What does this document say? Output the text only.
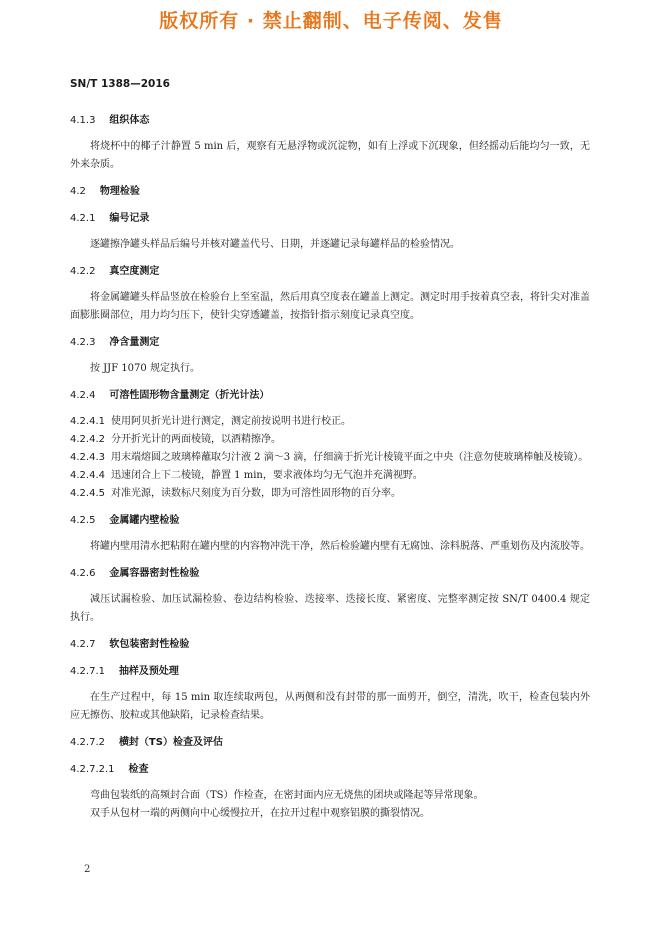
版权所有 · 禁止翻制、电子传阅、发售
SN/T 1388—2016

4.1.3 组织体态

将烧杯中的椰子汁静置 5 min 后，观察有无悬浮物或沉淀物，如有上浮或下沉现象，但经摇动后能均匀一致，无外来杂质。

4.2 物理检验

4.2.1 编号记录

逐罐擦净罐头样品后编号并核对罐盖代号、日期，并逐罐记录每罐样品的检验情况。

4.2.2 真空度测定

将金属罐罐头样品竖放在检验台上至室温，然后用真空度表在罐盖上测定。测定时用手按着真空表，将针尖对准盖面膨胀圈部位，用力均匀压下，使针尖穿透罐盖，按指针指示刻度记录真空度。

4.2.3 净含量测定

按 JJF 1070 规定执行。

4.2.4 可溶性固形物含量测定（折光计法）

4.2.4.1 使用阿贝折光计进行测定，测定前按说明书进行校正。

4.2.4.2 分开折光计的两面棱镜，以酒精擦净。

4.2.4.3 用末端熔圆之玻璃棒蘸取匀汁液 2 滴～3 滴，仔细滴于折光计棱镜平面之中央（注意勿使玻璃棒触及棱镜）。

4.2.4.4 迅速闭合上下二棱镜，静置 1 min，要求液体均匀无气泡并充满视野。

4.2.4.5 对准光源，读数标尺刻度为百分数，即为可溶性固形物的百分率。

4.2.5 金属罐内壁检验

将罐内壁用清水把粘附在罐内壁的内容物冲洗干净，然后检验罐内壁有无腐蚀、涂料脱落、严重划伤及内流胶等。

4.2.6 金属容器密封性检验

减压试漏检验、加压试漏检验、卷边结构检验、迭接率、迭接长度、紧密度、完整率测定按 SN/T 0400.4 规定执行。

4.2.7 软包装密封性检验

4.2.7.1 抽样及预处理

在生产过程中，每 15 min 取连续取两包，从两侧和没有封带的那一面剪开，倒空，清洗，吹干，检查包装内外应无擦伤、胶粒或其他缺陷，记录检查结果。

4.2.7.2 横封（TS）检查及评估

4.2.7.2.1 检查

弯曲包装纸的高频封合面（TS）作检查，在密封面内应无烧焦的团块或隆起等异常现象。

双手从包材一端的两侧向中心缓慢拉开，在拉开过程中观察铝膜的撕裂情况。

2
